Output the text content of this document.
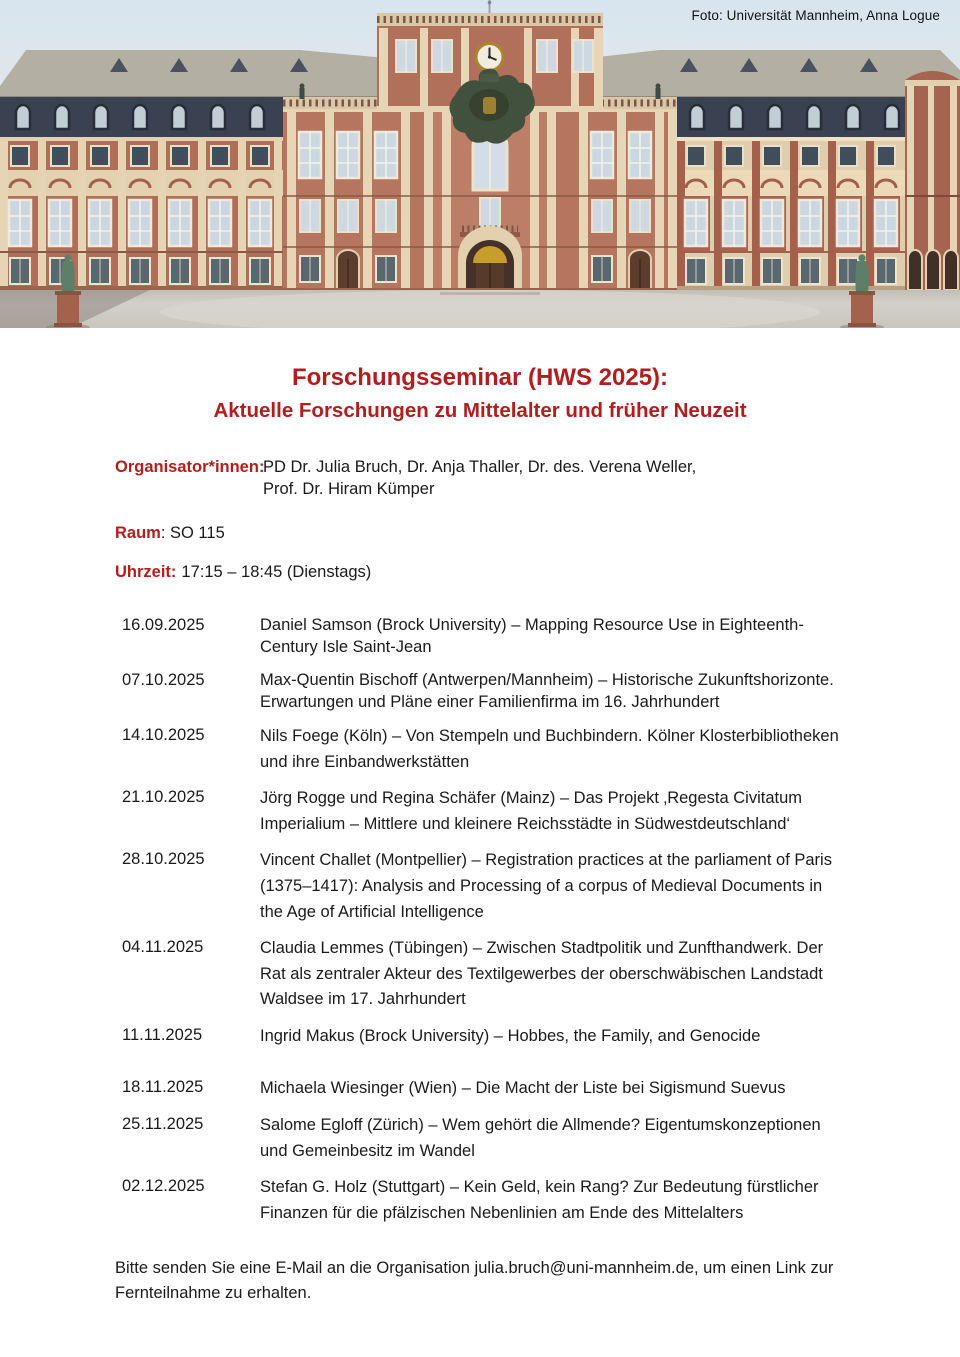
Foto: Universität Mannheim, Anna Logue
Forschungsseminar (HWS 2025):
Aktuelle Forschungen zu Mittelalter und früher Neuzeit
Organisator*innen:
PD Dr. Julia Bruch, Dr. Anja Thaller, Dr. des. Verena Weller,
Prof. Dr. Hiram Kümper

Raum: SO 115

Uhrzeit: 17:15 – 18:45 (Dienstags)

16.09.2025	Daniel Samson (Brock University) – Mapping Resource Use in Eighteenth-Century Isle Saint-Jean
07.10.2025	Max-Quentin Bischoff (Antwerpen/Mannheim) – Historische Zukunftshorizonte. Erwartungen und Pläne einer Familienfirma im 16. Jahrhundert
14.10.2025	Nils Foege (Köln) – Von Stempeln und Buchbindern. Kölner Klosterbibliotheken und ihre Einbandwerkstätten
21.10.2025	Jörg Rogge und Regina Schäfer (Mainz) – Das Projekt ‚Regesta Civitatum Imperialium – Mittlere und kleinere Reichsstädte in Südwestdeutschland‘
28.10.2025	Vincent Challet (Montpellier) – Registration practices at the parliament of Paris (1375–1417): Analysis and Processing of a corpus of Medieval Documents in the Age of Artificial Intelligence
04.11.2025	Claudia Lemmes (Tübingen) – Zwischen Stadtpolitik und Zunfthandwerk. Der Rat als zentraler Akteur des Textilgewerbes der oberschwäbischen Landstadt Waldsee im 17. Jahrhundert
11.11.2025	Ingrid Makus (Brock University) – Hobbes, the Family, and Genocide
18.11.2025	Michaela Wiesinger (Wien) – Die Macht der Liste bei Sigismund Suevus
25.11.2025	Salome Egloff (Zürich) – Wem gehört die Allmende? Eigentumskonzeptionen und Gemeinbesitz im Wandel
02.12.2025	Stefan G. Holz (Stuttgart) – Kein Geld, kein Rang? Zur Bedeutung fürstlicher Finanzen für die pfälzischen Nebenlinien am Ende des Mittelalters

Bitte senden Sie eine E-Mail an die Organisation julia.bruch@uni-mannheim.de, um einen Link zur Fernteilnahme zu erhalten.
